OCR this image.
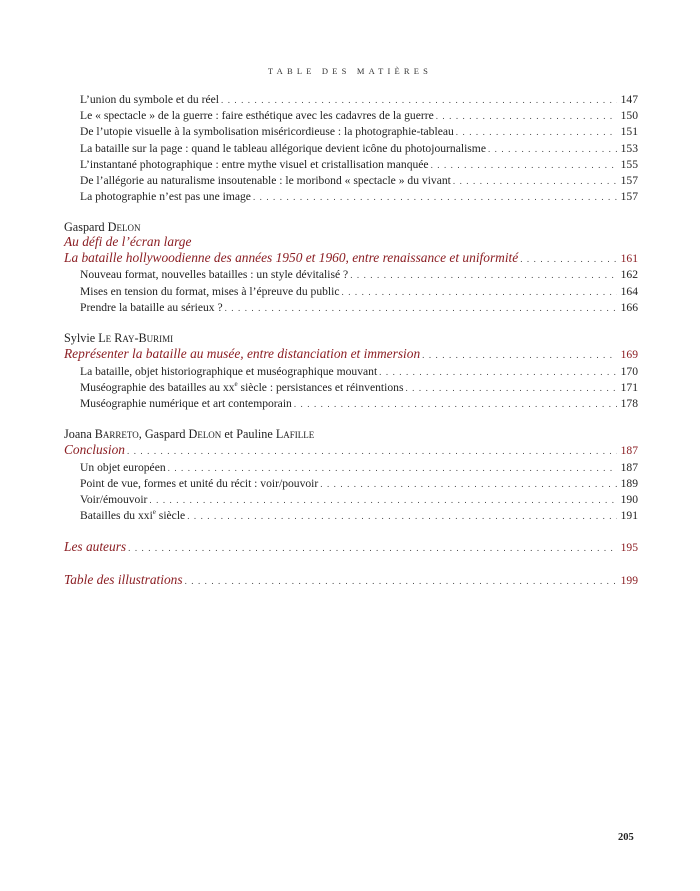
TABLE DES MATIÈRES
L’union du symbole et du réel . . .	147
Le « spectacle » de la guerre : faire esthétique avec les cadavres de la guerre . . .	150
De l’utopie visuelle à la symbolisation miséricordieuse : la photographie-tableau . . .	151
La bataille sur la page : quand le tableau allégorique devient icône du photojournalisme . . .	153
L’instantané photographique : entre mythe visuel et cristallisation manquée . . .	155
De l’allégorie au naturalisme insoutenable : le moribond « spectacle » du vivant . . .	157
La photographie n’est pas une image . . .	157
Gaspard Delon
Au défi de l’écran large
La bataille hollywoodienne des années 1950 et 1960, entre renaissance et uniformité . . .	161
Nouveau format, nouvelles batailles : un style dévitalisé ? . . .	162
Mises en tension du format, mises à l’épreuve du public . . .	164
Prendre la bataille au sérieux ? . . .	166
Sylvie Le Ray-Burimi
Représenter la bataille au musée, entre distanciation et immersion . . .	169
La bataille, objet historiographique et muséographique mouvant . . .	170
Muséographie des batailles au $xx^e$ siècle : persistances et réinventions . . .	171
Muséographie numérique et art contemporain . . .	178
Joana Barreto, Gaspard Delon et Pauline Lafille
Conclusion . . .	187
Un objet européen . . .	187
Point de vue, formes et unité du récit : voir/pouvoir . . .	189
Voir/émouvoir . . .	190
Batailles du xxi$^e$ siècle . . .	191
Les auteurs . . .	195
Table des illustrations . . .	199
205
